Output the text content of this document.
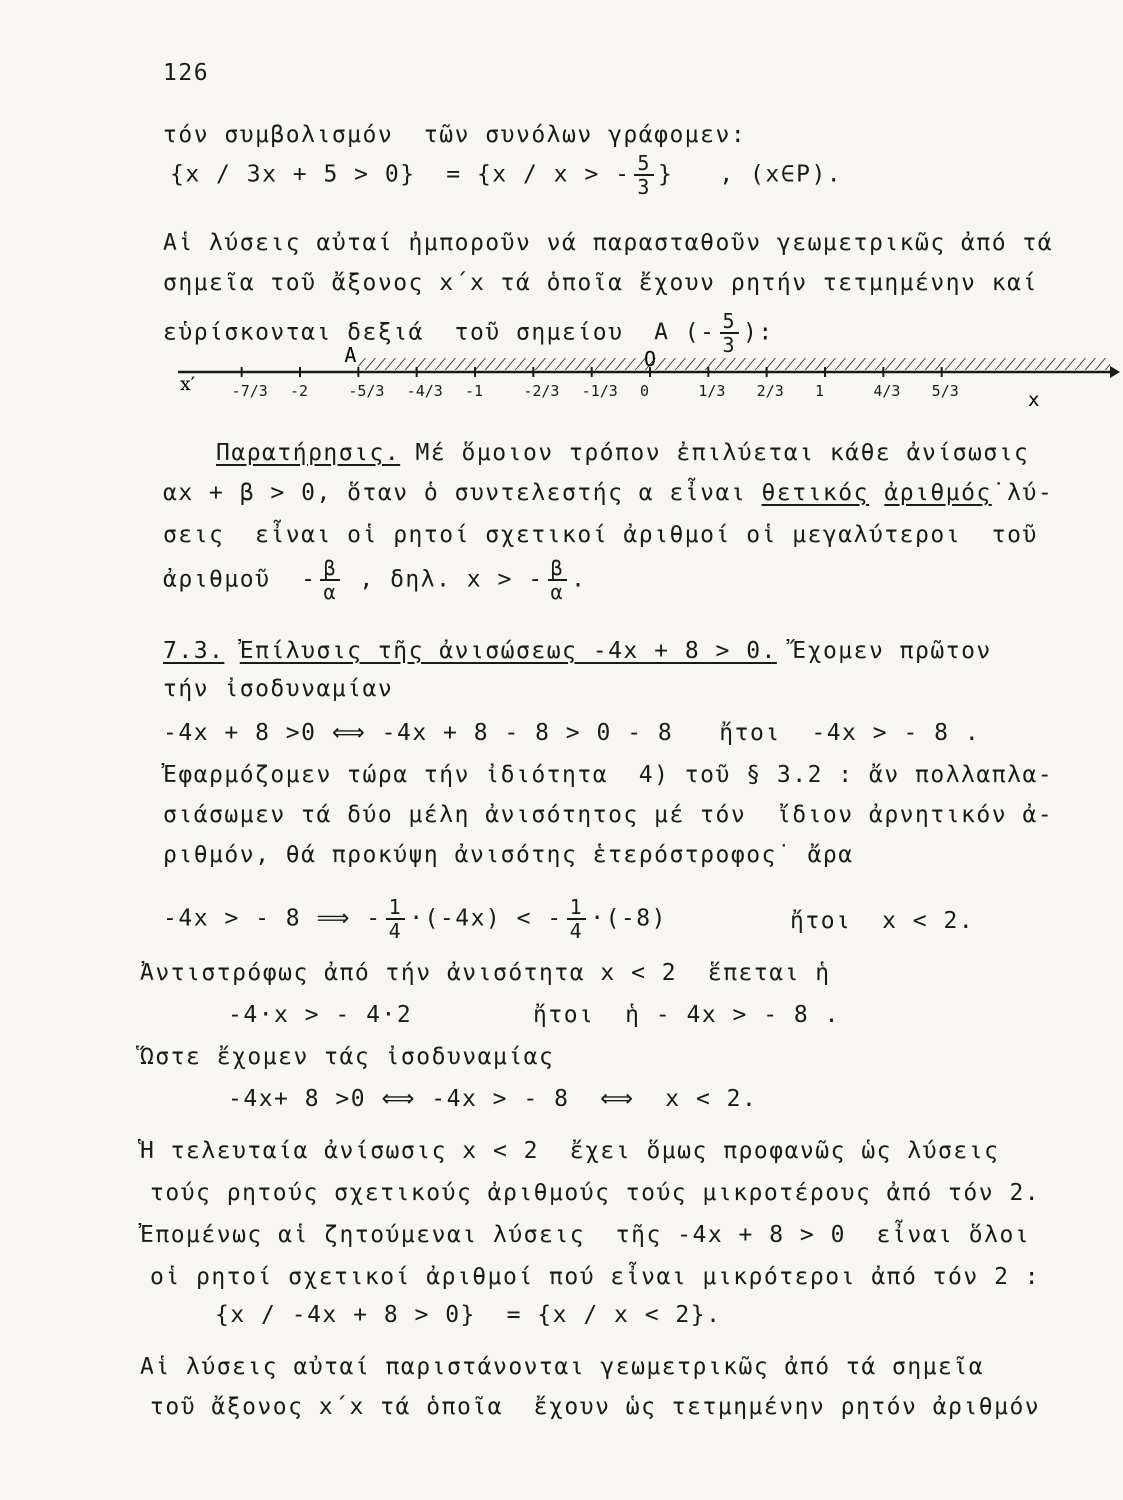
126
τόν συμβολισμόν  τῶν συνόλων γράφομεν:
{x / 3x + 5 > 0}  = {x / x > - $\frac{5}{3}$ }   , (x∈P).
Αἱ λύσεις αὐταί ἠμποροῦν νά παρασταθοῦν γεωμετρικῶς ἀπό τά
σημεῖα τοῦ ἄξονος x΄x τά ὁποῖα ἔχουν ρητήν τετμημένην καί
εὑρίσκονται δεξιά  τοῦ σημείου  Α (- $\frac{5}{3}$ ):
x′
x
A	O
-7/3 -2	-5/3 -4/3 -1	-2/3 -1/3 0	1/3 2/3 1	4/3 5/3
Παρατήρησις. Μέ ὅμοιον τρόπον ἐπιλύεται κάθε ἀνίσωσις
αx + β > 0, ὅταν ὁ συντελεστής α εἶναι θετικός ἀριθμός˙λύ-
σεις  εἶναι οἱ ρητοί σχετικοί ἀριθμοί οἱ μεγαλύτεροι  τοῦ
ἀριθμοῦ  - $\frac{\beta}{\alpha}$ , δηλ. x > - $\frac{\beta}{\alpha}$ .
7.3. Ἐπίλυσις τῆς ἀνισώσεως -4x + 8 > 0. Ἔχομεν πρῶτον
τήν ἰσοδυναμίαν
-4x + 8 >0 ⟺ -4x + 8 - 8 > 0 - 8   ἤτοι  -4x > - 8 .
Ἐφαρμόζομεν τώρα τήν ἰδιότητα  4) τοῦ § 3.2 : ἄν πολλαπλα-
σιάσωμεν τά δύο μέλη ἀνισότητος μέ τόν  ἴδιον ἀρνητικόν ἀ-
ριθμόν, θά προκύψη ἀνισότης ἑτερόστροφος˙ ἄρα
-4x > - 8 ⟹ - $\frac{1}{4} \cdot(-4x)$ < - $\frac{1}{4} \cdot(-8)$	ἤτοι  x < 2.
Ἀντιστρόφως ἀπό τήν ἀνισότητα x < 2  ἕπεται ἡ
-4·x > - 4·2	ἤτοι  ἡ - 4x > - 8 .
Ὥστε ἔχομεν τάς ἰσοδυναμίας
-4x+ 8 >0 ⟺ -4x > - 8  ⟺  x < 2.
Ἡ τελευταία ἀνίσωσις x < 2  ἔχει ὅμως προφανῶς ὡς λύσεις
τούς ρητούς σχετικούς ἀριθμούς τούς μικροτέρους ἀπό τόν 2.
Ἐπομένως αἱ ζητούμεναι λύσεις  τῆς -4x + 8 > 0  εἶναι ὅλοι
οἱ ρητοί σχετικοί ἀριθμοί πού εἶναι μικρότεροι ἀπό τόν 2 :
{x / -4x + 8 > 0}  = {x / x < 2}.
Αἱ λύσεις αὐταί παριστάνονται γεωμετρικῶς ἀπό τά σημεῖα
τοῦ ἄξονος x΄x τά ὁποῖα  ἔχουν ὡς τετμημένην ρητόν ἀριθμόν
